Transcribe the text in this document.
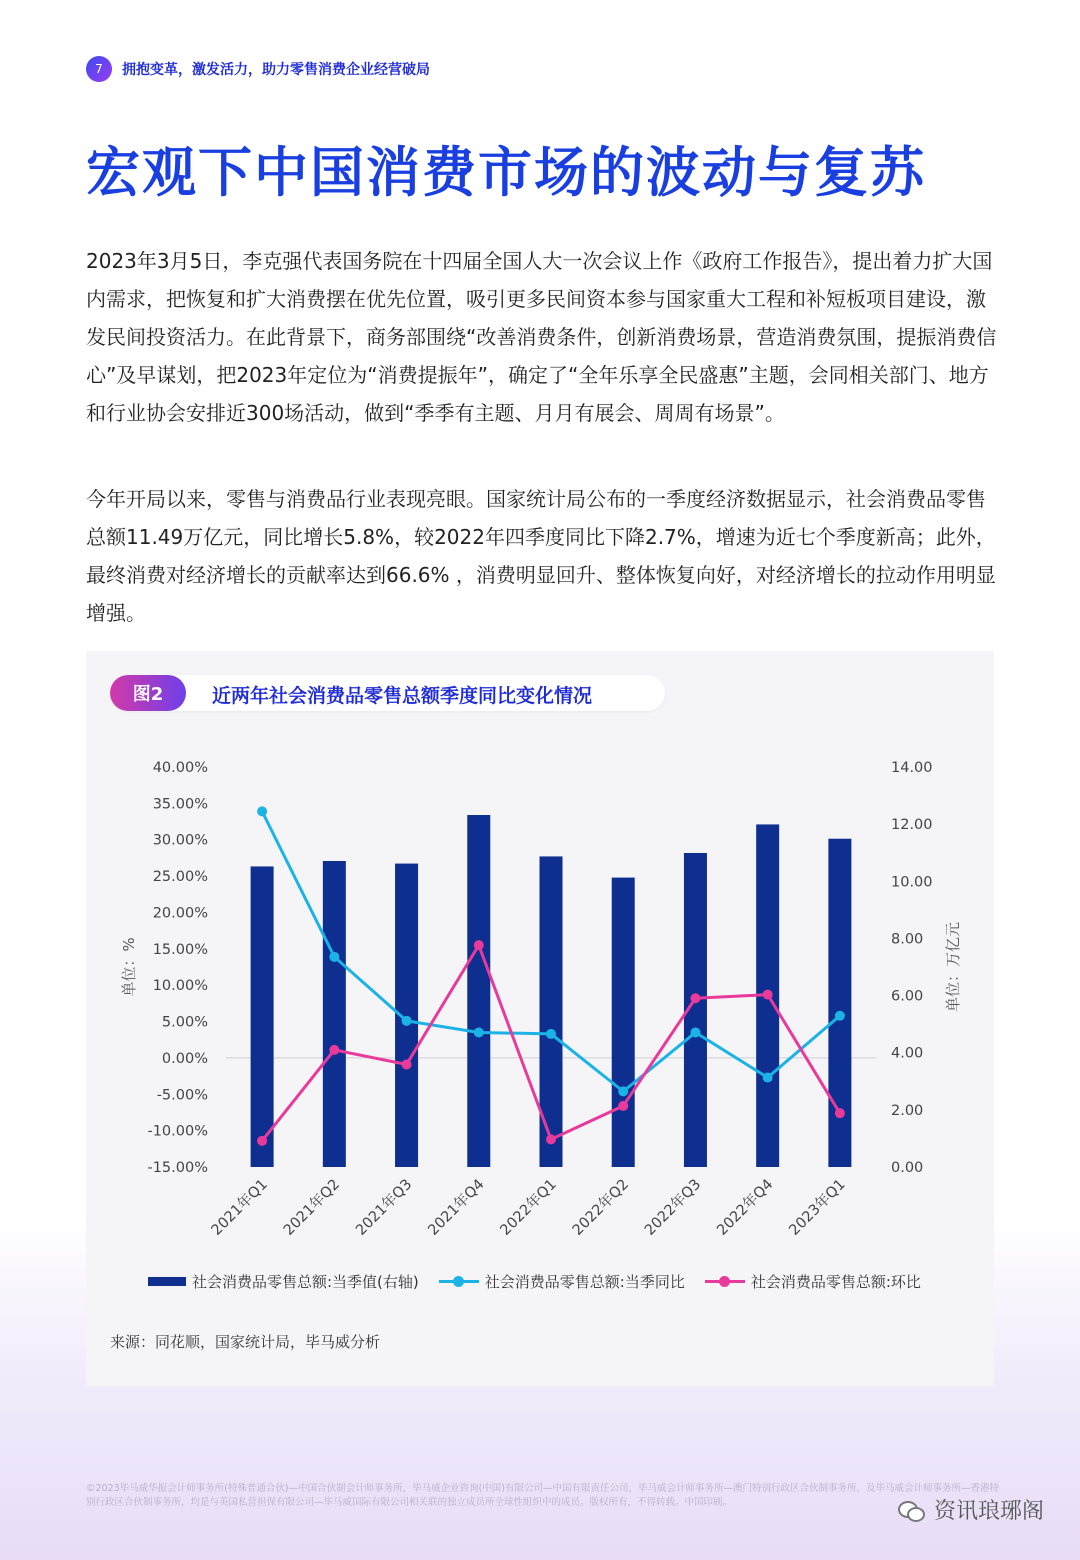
7	拥抱变革，激发活力，助力零售消费企业经营破局
宏观下中国消费市场的波动与复苏

2023年3月5日，李克强代表国务院在十四届全国人大一次会议上作《政府工作报告》，提出着力扩大国内需求，把恢复和扩大消费摆在优先位置，吸引更多民间资本参与国家重大工程和补短板项目建设，激发民间投资活力。在此背景下，商务部围绕“改善消费条件，创新消费场景，营造消费氛围，提振消费信心”及早谋划，把2023年定位为“消费提振年”，确定了“全年乐享全民盛惠”主题，会同相关部门、地方和行业协会安排近300场活动，做到“季季有主题、月月有展会、周周有场景”。

今年开局以来，零售与消费品行业表现亮眼。国家统计局公布的一季度经济数据显示，社会消费品零售总额11.49万亿元，同比增长5.8%，较2022年四季度同比下降2.7%，增速为近七个季度新高；此外，最终消费对经济增长的贡献率达到66.6% ，消费明显回升、整体恢复向好，对经济增长的拉动作用明显增强。

图2	近两年社会消费品零售总额季度同比变化情况
40.00%
35.00%
30.00%
25.00%
20.00%
15.00%
10.00%
5.00%
0.00%
-5.00%
-10.00%
-15.00%
14.00
12.00
10.00
8.00
6.00
4.00
2.00
0.00
单位：%	单位：万亿元
2021年Q1 2021年Q2 2021年Q3 2021年Q4 2022年Q1 2022年Q2 2022年Q3 2022年Q4 2023年Q1
社会消费品零售总额:当季值(右轴)	社会消费品零售总额:当季同比	社会消费品零售总额:环比
来源：同花顺，国家统计局，毕马威分析
©2023毕马威华振会计师事务所(特殊普通合伙)—中国合伙制会计师事务所，毕马威企业咨询(中国)有限公司—中国有限责任公司，毕马威会计师事务所—澳门特别行政区合伙制事务所，及毕马威会计师事务所—香港特别行政区合伙制事务所，均是与英国私营担保有限公司—毕马威国际有限公司相关联的独立成员所全球性组织中的成员。版权所有，不得转载。中国印刷。	资讯琅琊阁
